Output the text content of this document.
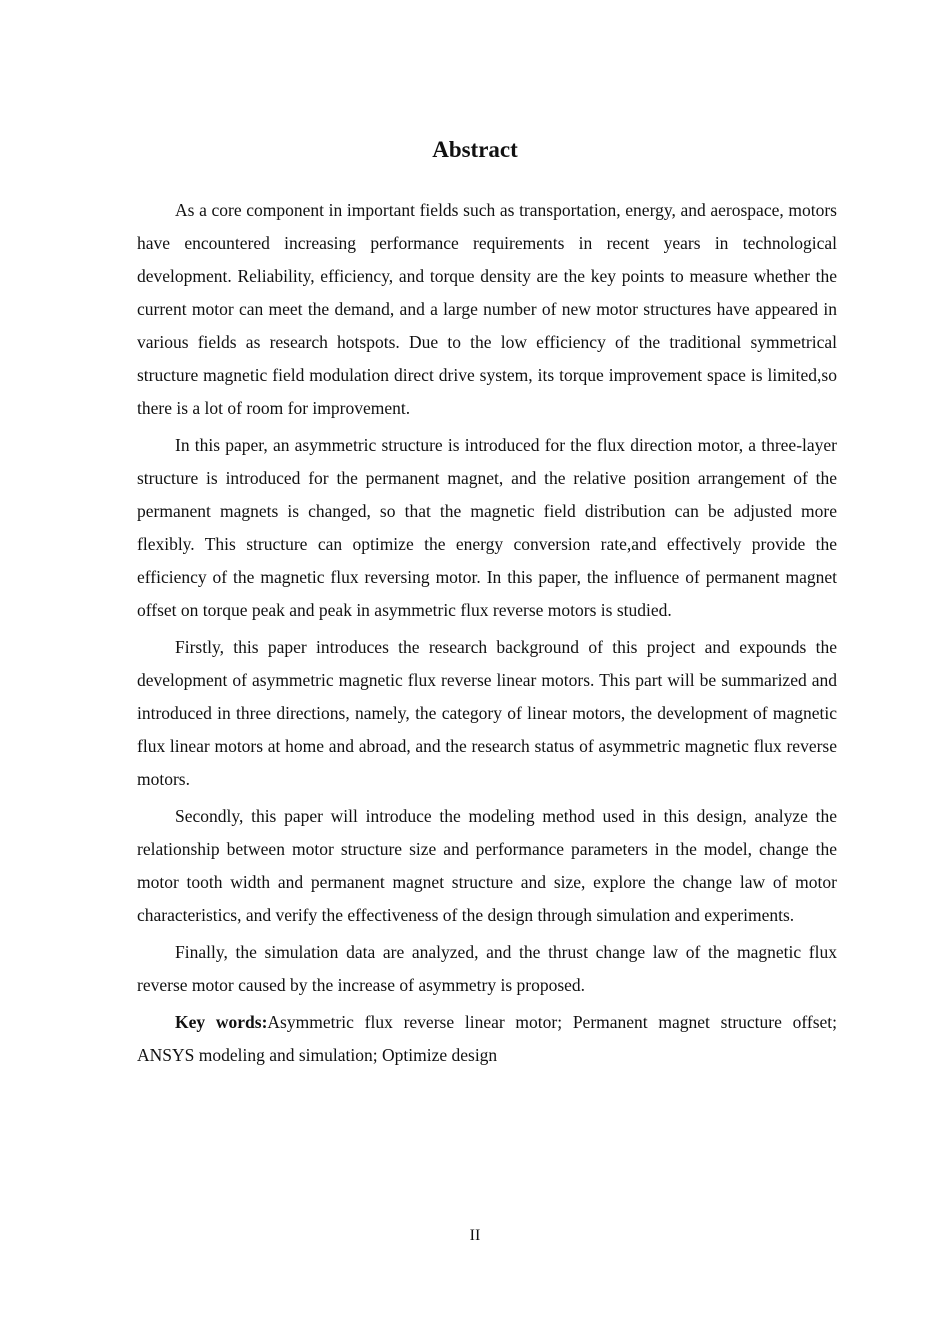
Abstract

As a core component in important fields such as transportation, energy, and aerospace, motors have encountered increasing performance requirements in recent years in technological development. Reliability, efficiency, and torque density are the key points to measure whether the current motor can meet the demand, and a large number of new motor structures have appeared in various fields as research hotspots. Due to the low efficiency of the traditional symmetrical structure magnetic field modulation direct drive system, its torque improvement space is limited,so there is a lot of room for improvement.

In this paper, an asymmetric structure is introduced for the flux direction motor, a three-layer structure is introduced for the permanent magnet, and the relative position arrangement of the permanent magnets is changed, so that the magnetic field distribution can be adjusted more flexibly. This structure can optimize the energy conversion rate,and effectively provide the efficiency of the magnetic flux reversing motor. In this paper, the influence of permanent magnet offset on torque peak and peak in asymmetric flux reverse motors is studied.

Firstly, this paper introduces the research background of this project and expounds the development of asymmetric magnetic flux reverse linear motors. This part will be summarized and introduced in three directions, namely, the category of linear motors, the development of magnetic flux linear motors at home and abroad, and the research status of asymmetric magnetic flux reverse motors.

Secondly, this paper will introduce the modeling method used in this design, analyze the relationship between motor structure size and performance parameters in the model, change the motor tooth width and permanent magnet structure and size, explore the change law of motor characteristics, and verify the effectiveness of the design through simulation and experiments.

Finally, the simulation data are analyzed, and the thrust change law of the magnetic flux reverse motor caused by the increase of asymmetry is proposed.

Key words:Asymmetric flux reverse linear motor; Permanent magnet structure offset; ANSYS modeling and simulation; Optimize design

II
